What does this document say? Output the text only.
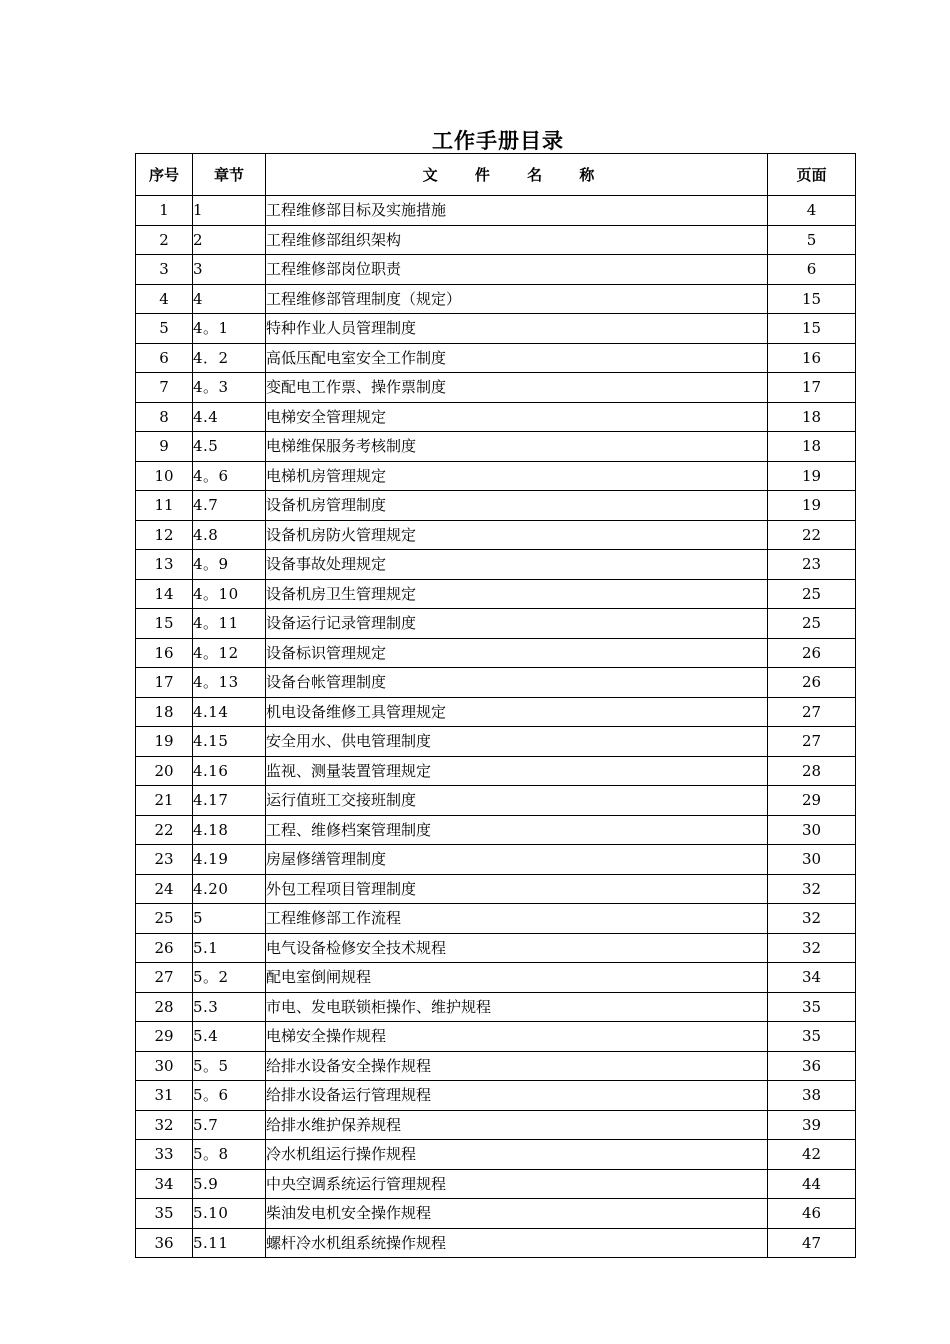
工作手册目录
序号	章节	文 件 名 称	页面
1	1	工程维修部目标及实施措施	4
2	2	工程维修部组织架构	5
3	3	工程维修部岗位职责	6
4	4	工程维修部管理制度（规定）	15
5	4。1	特种作业人员管理制度	15
6	4．2	高低压配电室安全工作制度	16
7	4。3	变配电工作票、操作票制度	17
8	4.4	电梯安全管理规定	18
9	4.5	电梯维保服务考核制度	18
10	4。6	电梯机房管理规定	19
11	4.7	设备机房管理制度	19
12	4.8	设备机房防火管理规定	22
13	4。9	设备事故处理规定	23
14	4。10	设备机房卫生管理规定	25
15	4。11	设备运行记录管理制度	25
16	4。12	设备标识管理规定	26
17	4。13	设备台帐管理制度	26
18	4.14	机电设备维修工具管理规定	27
19	4.15	安全用水、供电管理制度	27
20	4.16	监视、测量装置管理规定	28
21	4.17	运行值班工交接班制度	29
22	4.18	工程、维修档案管理制度	30
23	4.19	房屋修缮管理制度	30
24	4.20	外包工程项目管理制度	32
25	5	工程维修部工作流程	32
26	5.1	电气设备检修安全技术规程	32
27	5。2	配电室倒闸规程	34
28	5.3	市电、发电联锁柜操作、维护规程	35
29	5.4	电梯安全操作规程	35
30	5。5	给排水设备安全操作规程	36
31	5。6	给排水设备运行管理规程	38
32	5.7	给排水维护保养规程	39
33	5。8	冷水机组运行操作规程	42
34	5.9	中央空调系统运行管理规程	44
35	5.10	柴油发电机安全操作规程	46
36	5.11	螺杆冷水机组系统操作规程	47
